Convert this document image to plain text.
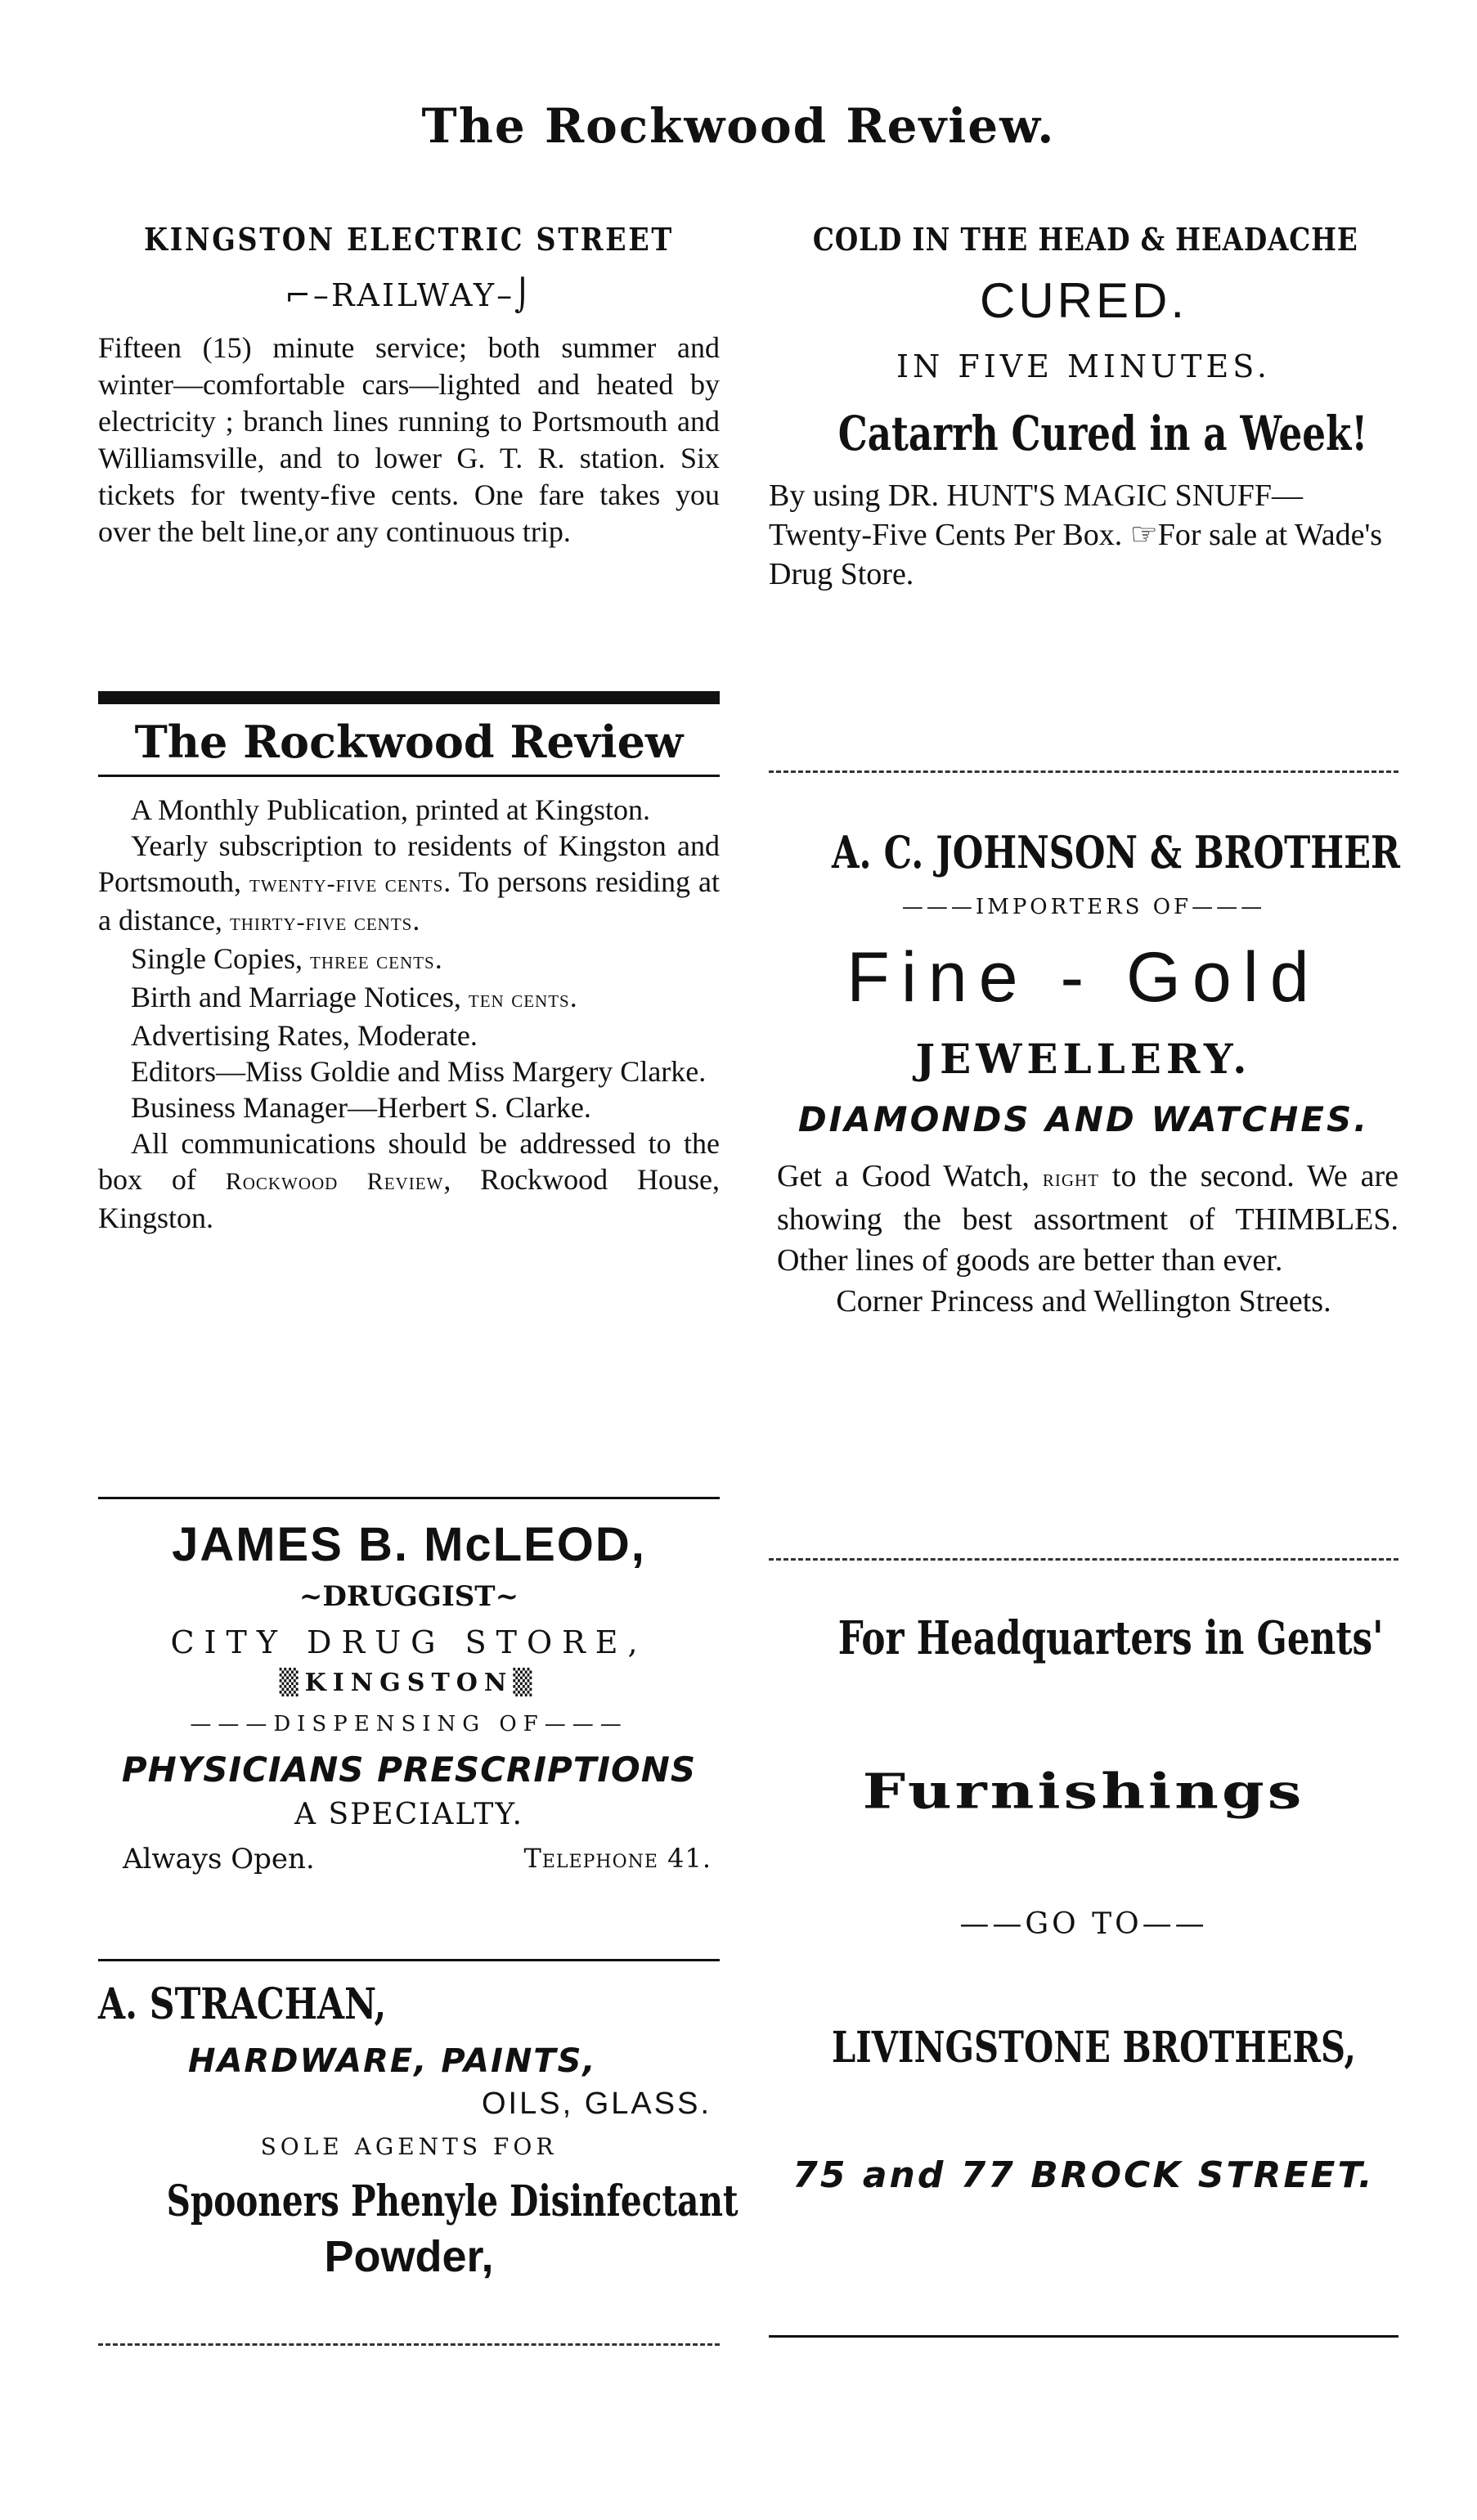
The Rockwood Review.
KINGSTON ELECTRIC STREET
⌐–RAILWAY–⌡
Fifteen (15) minute service; both summer and winter—comfortable cars—lighted and heated by electricity ; branch lines running to Portsmouth and Williamsville, and to lower G. T. R. station. Six tickets for twenty-five cents. One fare takes you over the belt line,or any continuous trip.
The Rockwood Review
A Monthly Publication, printed at Kingston.
Yearly subscription to residents of Kingston and Portsmouth, twenty-five cents. To persons residing at a distance, thirty-five cents.
Single Copies, three cents.
Birth and Marriage Notices, ten cents.
Advertising Rates, Moderate.
Editors—Miss Goldie and Miss Margery Clarke.
Business Manager—Herbert S. Clarke.
All communications should be addressed to the box of Rockwood Review, Rockwood House, Kingston.
JAMES B. McLEOD,
~DRUGGIST~
CITY DRUG STORE,
▒KINGSTON▒
———DISPENSING OF———
PHYSICIANS PRESCRIPTIONS
A SPECIALTY.
Always Open.	Telephone 41.
A. STRACHAN,
HARDWARE, PAINTS,
OILS, GLASS.
SOLE AGENTS FOR
Spooners Phenyle Disinfectant
Powder,
COLD IN THE HEAD & HEADACHE
CURED.
IN FIVE MINUTES.
Catarrh Cured in a Week!
By using DR. HUNT'S MAGIC SNUFF—Twenty-Five Cents Per Box. ☞For sale at Wade's Drug Store.
A. C. JOHNSON & BROTHER
———IMPORTERS OF———
Fine - Gold
JEWELLERY.
DIAMONDS AND WATCHES.
Get a Good Watch, right to the second. We are showing the best assortment of THIMBLES. Other lines of goods are better than ever.
Corner Princess and Wellington Streets.
For Headquarters in Gents'
Furnishings
——GO TO——
LIVINGSTONE BROTHERS,
75 and 77 BROCK STREET.
